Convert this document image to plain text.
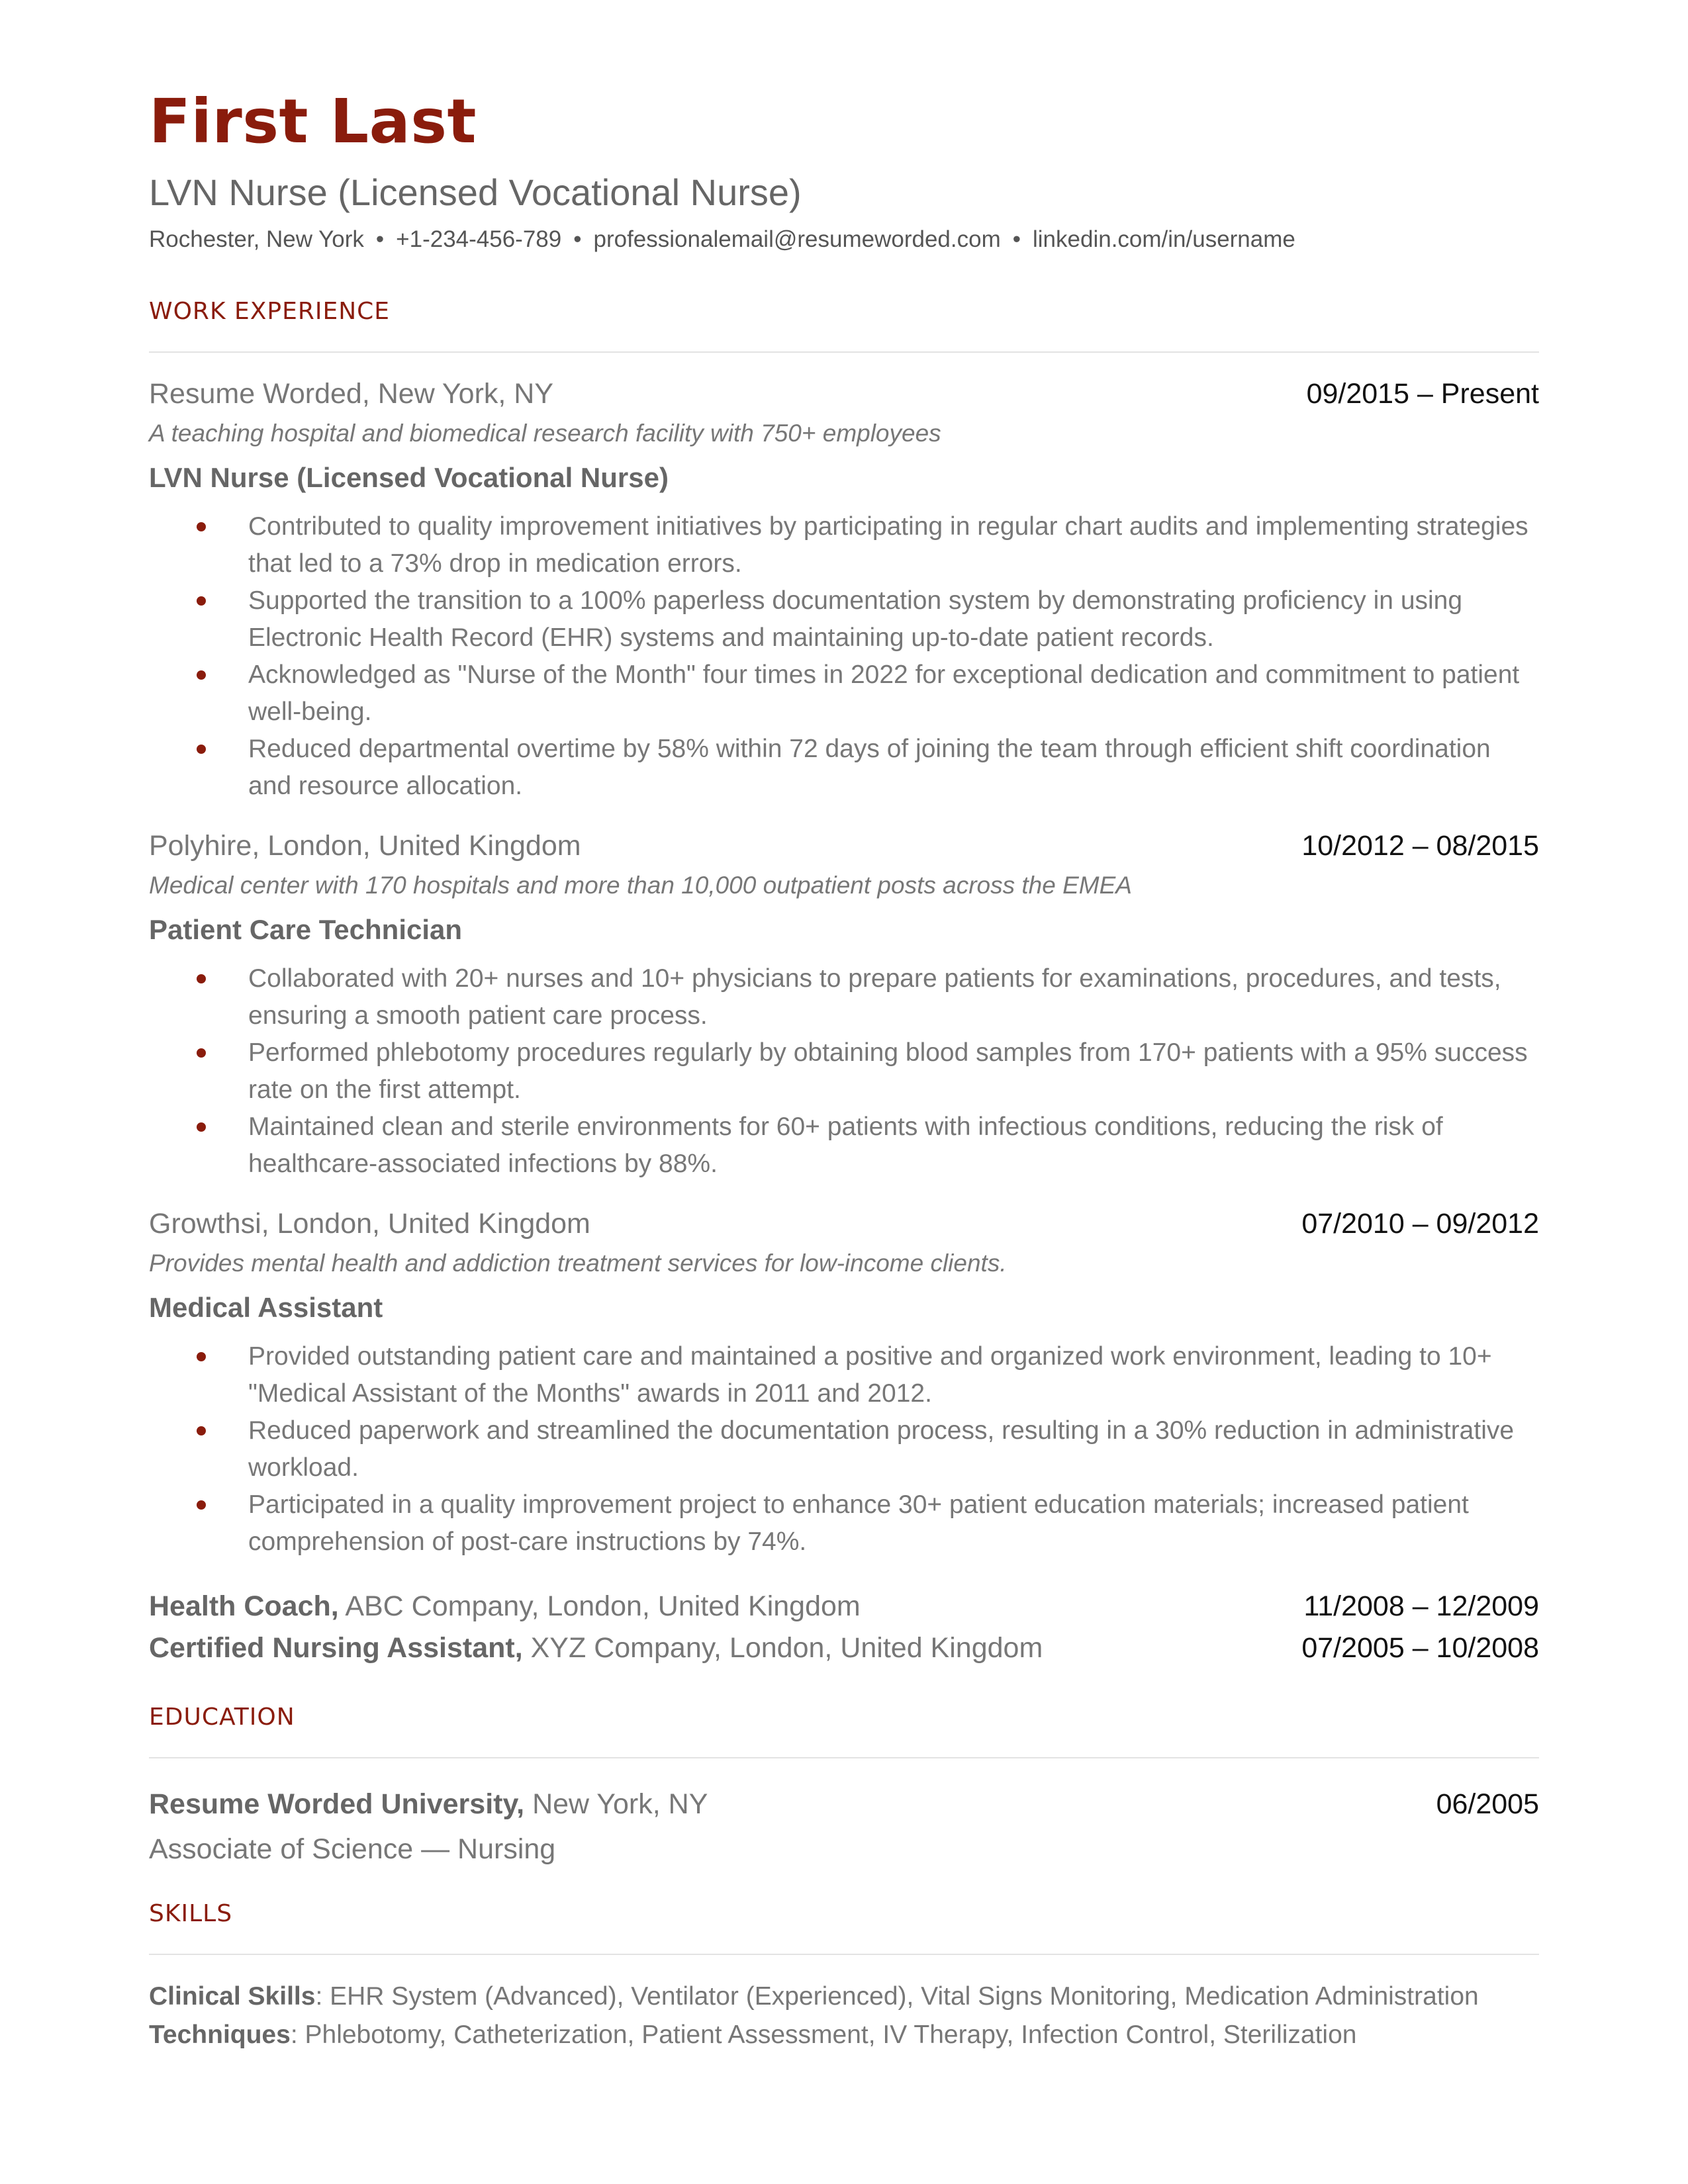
First Last
LVN Nurse (Licensed Vocational Nurse)
Rochester, New York • +1-234-456-789 • professionalemail@resumeworded.com • linkedin.com/in/username
WORK EXPERIENCE
Resume Worded, New York, NY	09/2015 – Present
A teaching hospital and biomedical research facility with 750+ employees
LVN Nurse (Licensed Vocational Nurse)
Contributed to quality improvement initiatives by participating in regular chart audits and implementing strategies that led to a 73% drop in medication errors.
Supported the transition to a 100% paperless documentation system by demonstrating proficiency in using Electronic Health Record (EHR) systems and maintaining up-to-date patient records.
Acknowledged as "Nurse of the Month" four times in 2022 for exceptional dedication and commitment to patient well-being.
Reduced departmental overtime by 58% within 72 days of joining the team through efficient shift coordination and resource allocation.
Polyhire, London, United Kingdom	10/2012 – 08/2015
Medical center with 170 hospitals and more than 10,000 outpatient posts across the EMEA
Patient Care Technician
Collaborated with 20+ nurses and 10+ physicians to prepare patients for examinations, procedures, and tests, ensuring a smooth patient care process.
Performed phlebotomy procedures regularly by obtaining blood samples from 170+ patients with a 95% success rate on the first attempt.
Maintained clean and sterile environments for 60+ patients with infectious conditions, reducing the risk of healthcare-associated infections by 88%.
Growthsi, London, United Kingdom	07/2010 – 09/2012
Provides mental health and addiction treatment services for low-income clients.
Medical Assistant
Provided outstanding patient care and maintained a positive and organized work environment, leading to 10+ "Medical Assistant of the Months" awards in 2011 and 2012.
Reduced paperwork and streamlined the documentation process, resulting in a 30% reduction in administrative workload.
Participated in a quality improvement project to enhance 30+ patient education materials; increased patient comprehension of post-care instructions by 74%.
Health Coach, ABC Company, London, United Kingdom	11/2008 – 12/2009
Certified Nursing Assistant, XYZ Company, London, United Kingdom	07/2005 – 10/2008
EDUCATION
Resume Worded University, New York, NY	06/2005
Associate of Science — Nursing
SKILLS
Clinical Skills: EHR System (Advanced), Ventilator (Experienced), Vital Signs Monitoring, Medication Administration
Techniques: Phlebotomy, Catheterization, Patient Assessment, IV Therapy, Infection Control, Sterilization
